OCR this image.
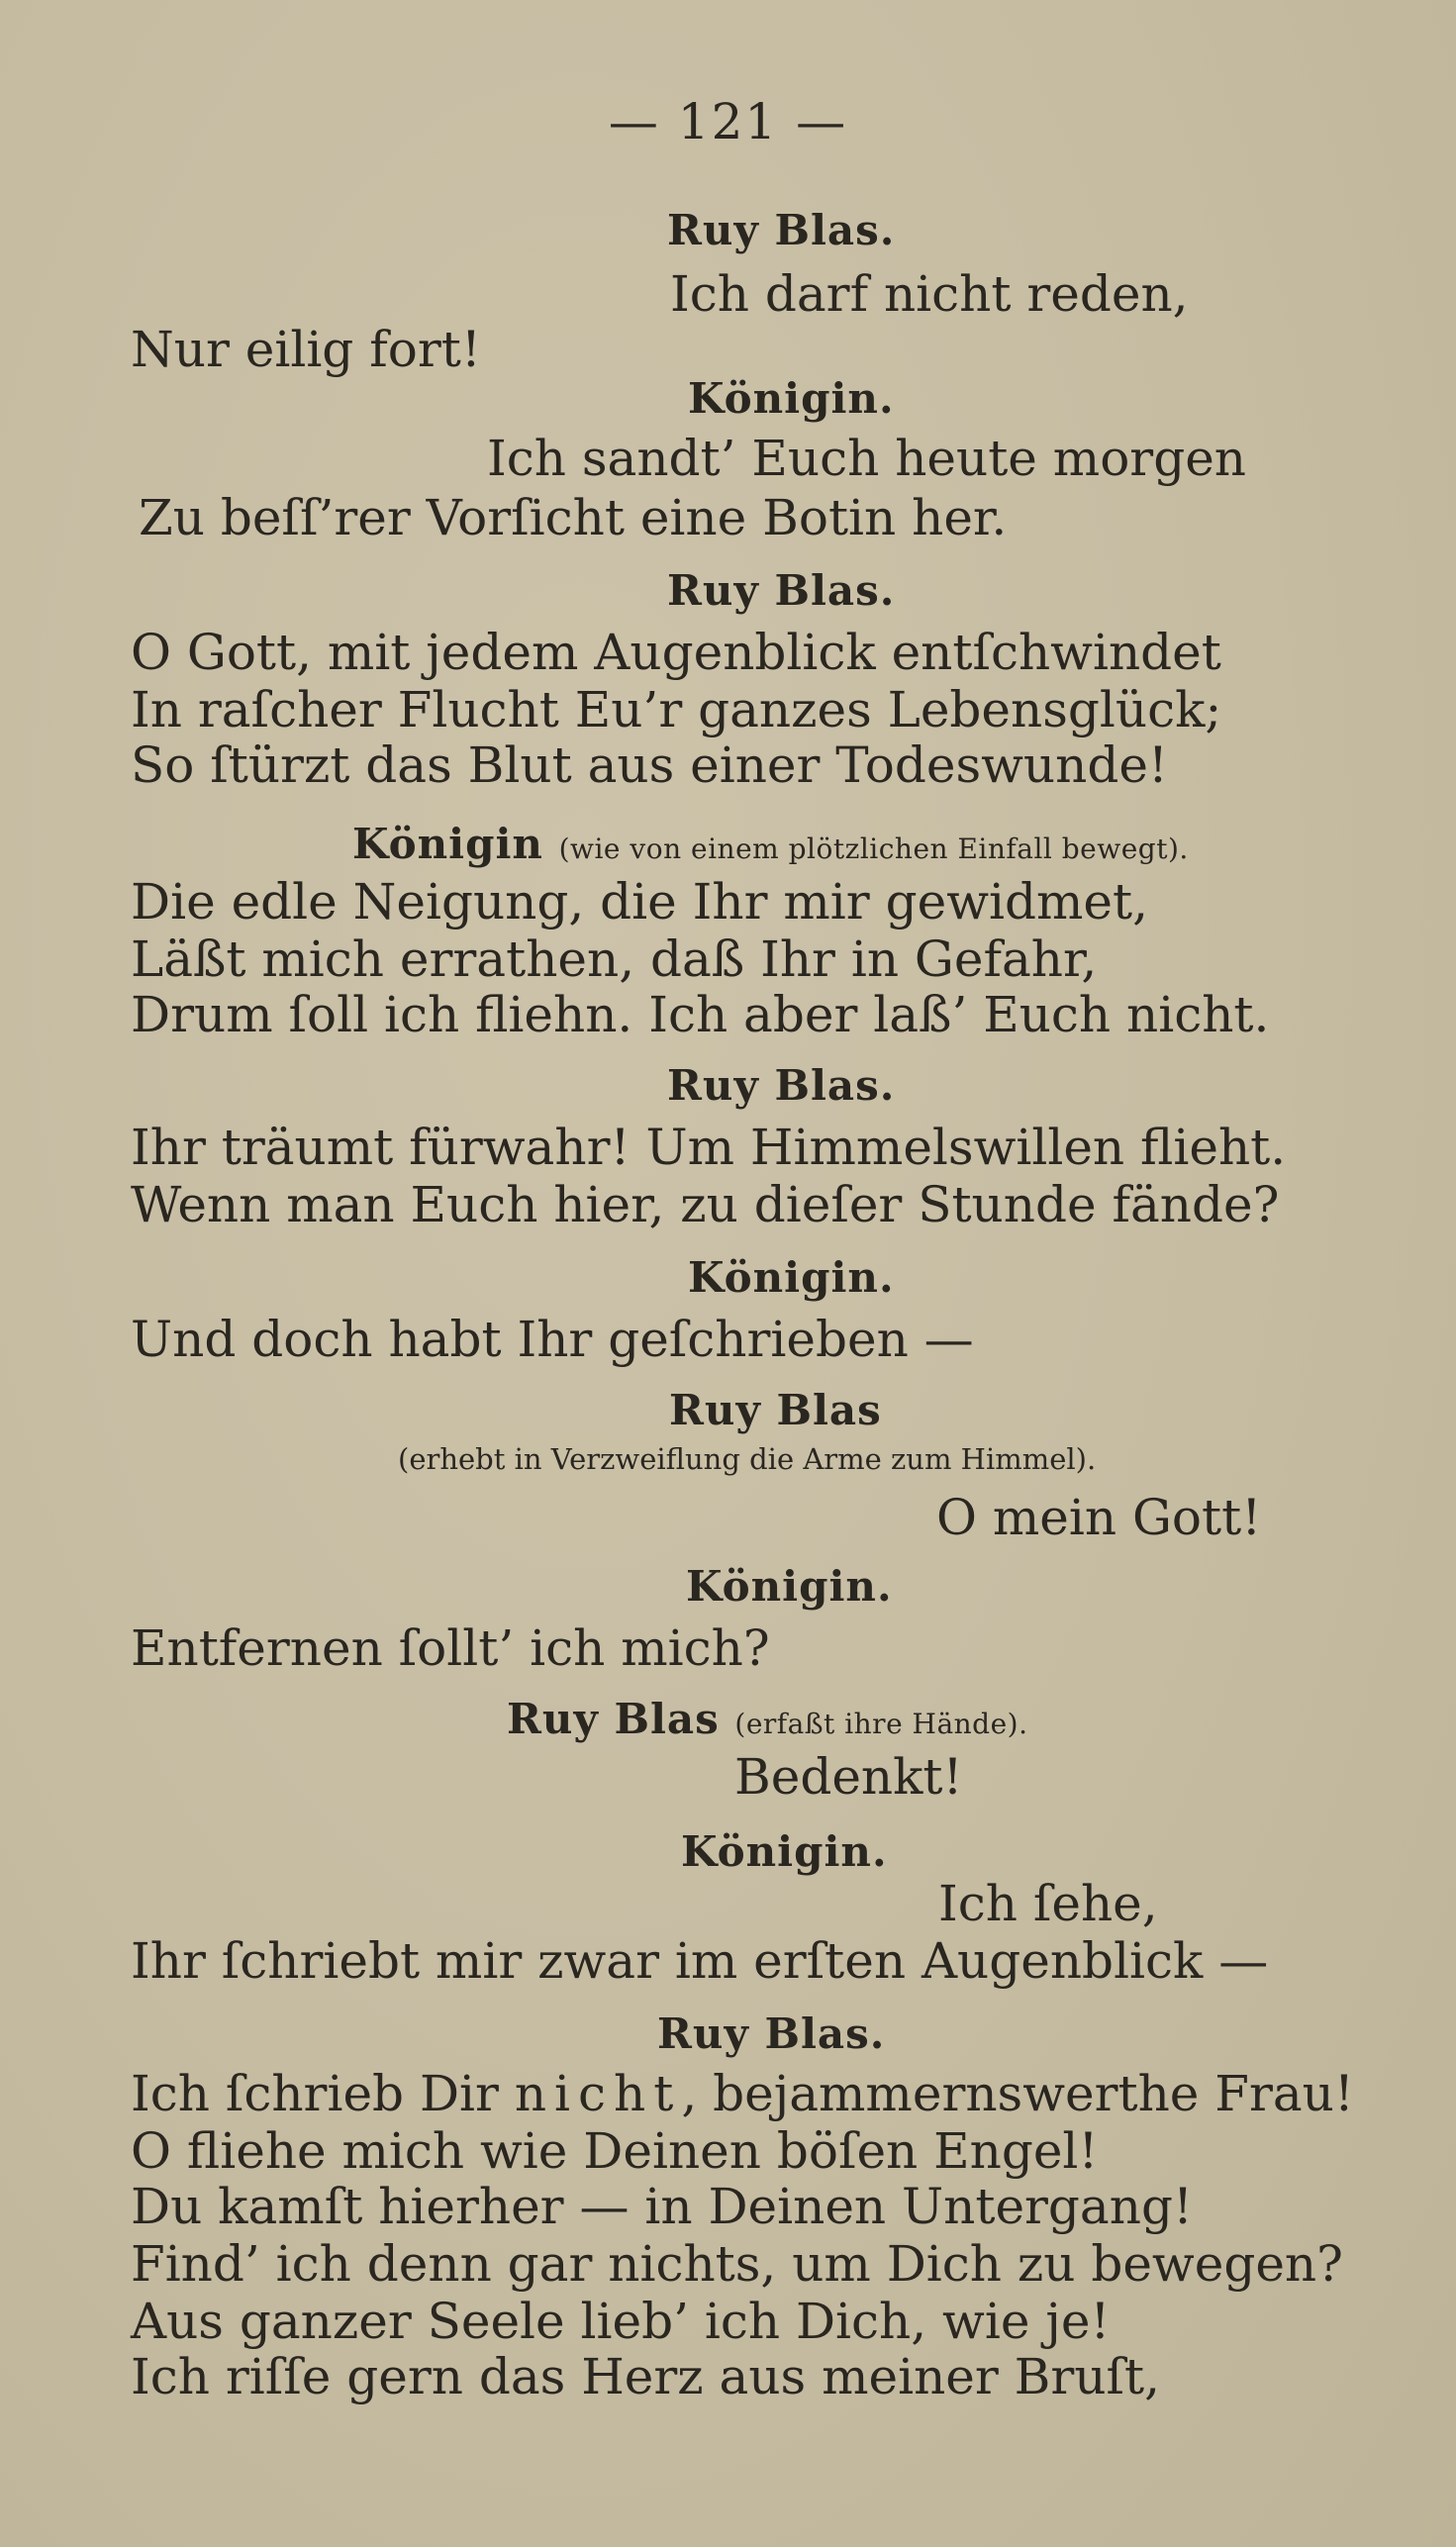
— 121 —
Ruy Blas.
Ich darf nicht reden,
Nur eilig fort!
Königin.
Ich sandt’ Euch heute morgen
Zu beſſ’rer Vorſicht eine Botin her.
Ruy Blas.
O Gott, mit jedem Augenblick entſchwindet
In raſcher Flucht Eu’r ganzes Lebensglück;
So ſtürzt das Blut aus einer Todeswunde!
Königin (wie von einem plötzlichen Einfall bewegt).
Die edle Neigung, die Ihr mir gewidmet,
Läßt mich errathen, daß Ihr in Gefahr,
Drum ſoll ich fliehn. Ich aber laß’ Euch nicht.
Ruy Blas.
Ihr träumt fürwahr! Um Himmelswillen flieht.
Wenn man Euch hier, zu dieſer Stunde fände?
Königin.
Und doch habt Ihr geſchrieben —
Ruy Blas
(erhebt in Verzweiflung die Arme zum Himmel).
O mein Gott!
Königin.
Entfernen ſollt’ ich mich?
Ruy Blas (erfaßt ihre Hände).
Bedenkt!
Königin.
Ich ſehe,
Ihr ſchriebt mir zwar im erſten Augenblick —
Ruy Blas.
Ich ſchrieb Dir nicht, bejammernswerthe Frau!
O fliehe mich wie Deinen böſen Engel!
Du kamſt hierher — in Deinen Untergang!
Find’ ich denn gar nichts, um Dich zu bewegen?
Aus ganzer Seele lieb’ ich Dich, wie je!
Ich riſſe gern das Herz aus meiner Bruſt,
